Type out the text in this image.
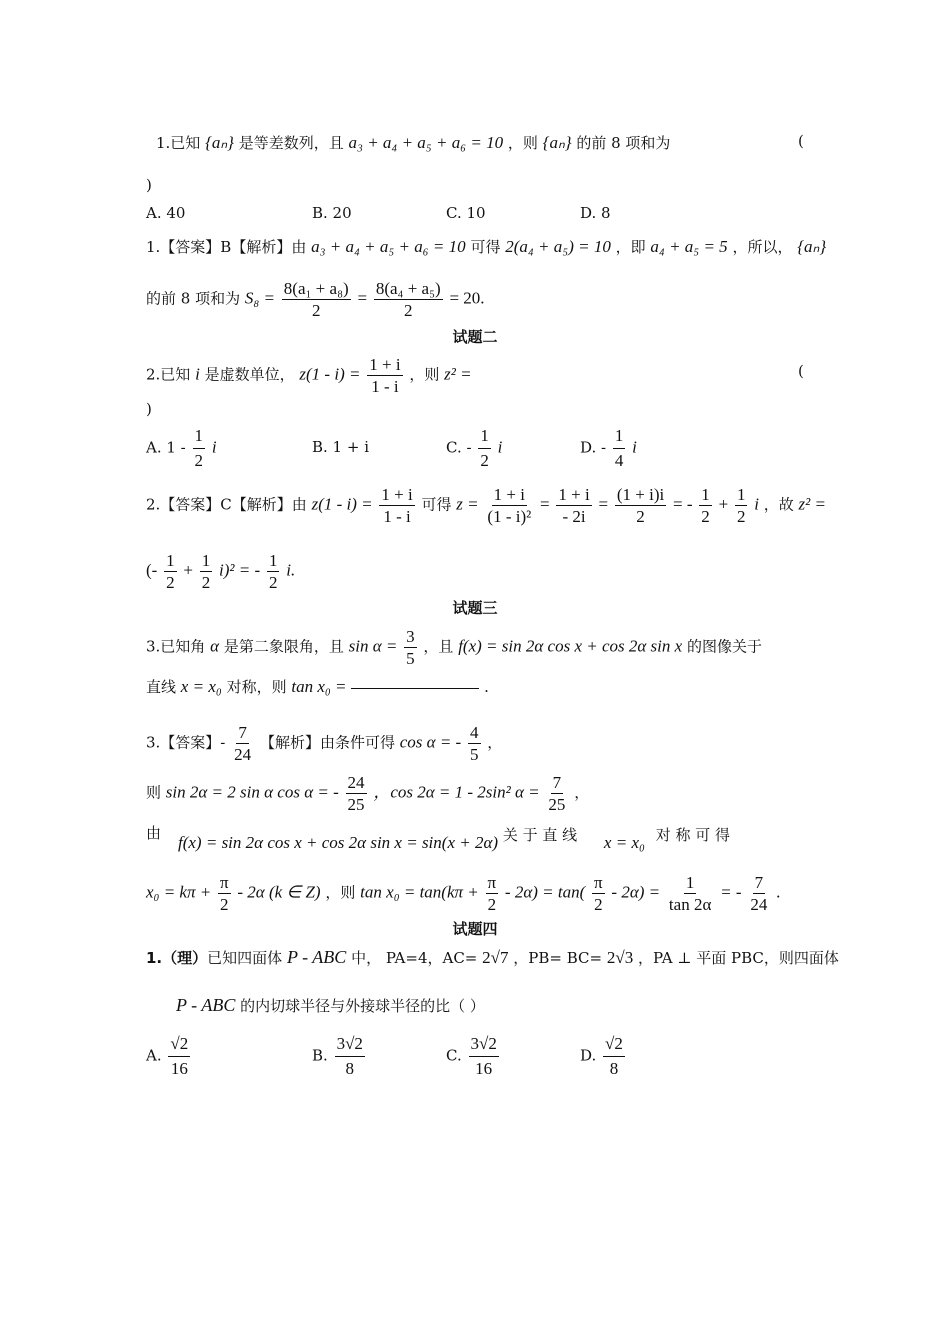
1.已知 {aₙ} 是等差数列，且 a₃ + a₄ + a₅ + a₆ = 10 ，则 {aₙ} 的前 8 项和为	(
)
A. 40	B. 20	C. 10	D. 8
1.【答案】B【解析】由 a₃ + a₄ + a₅ + a₆ = 10 可得 2(a₄ + a₅) = 10 ，即 a₄ + a₅ = 5 ，所以， {aₙ}
的前 8 项和为 $S_8 = \frac{\text{8(a₁ + a₈)}}{2} = \frac{\text{8(a₄ + a₅)}}{2} = 20$.
试题二
2.已知 i 是虚数单位， $z(1 - i) = \frac{1 + i}{1 - i}$ ，则 z² =	(
)
A. $1 - \frac{1}{2}$ i	B. 1 + i	C. - $\frac{1}{2}$ i	D. - $\frac{1}{4}$ i
2.【答案】C【解析】由 $z(1 - i) = \frac{1 + i}{1 - i}$ 可得 $z = \frac{1 + i}{\text{(1 - i)²}} = \frac{1 + i}{- 2i} = \frac{(1 + i)i}{2}$ = - $\frac{1}{2} + \frac{1}{2}$ i ，故 z² =
(- $\frac{1}{2} + \frac{1}{2} i)^2$ = - $\frac{1}{2} i$.
试题三
3.已知角 α 是第二象限角，且 $\sin \alpha = \frac{3}{5}$ ，且 f(x) = sin 2α cos x + cos 2α sin x 的图像关于
直线 x = x₀ 对称，则 tan x₀ =	.
3.【答案】- $\frac{7}{24}$ 【解析】由条件可得 cos α = - $\frac{4}{5}$ ，
则 sin 2α = 2 sin α cos α = - $\frac{24}{25}$ ，cos 2α = 1 - 2sin² $\alpha = \frac{7}{25}$ ，
由 f(x) = sin 2α cos x + cos 2α sin x = sin(x + 2α) 关 于 直 线 x = x₀ 对 称 可 得
$x_0 = k\pi + \frac{\pi}{2} - 2\alpha$ (k ∈ Z) ，则 $\tan x_0 = \tan(k\pi + \frac{\pi}{2} - 2\alpha) = \tan( \frac{\pi}{2} - 2\alpha) = \frac{1}{\tan 2\alpha}$ = - $\frac{7}{24}$ .
试题四
1.（理）已知四面体 P - ABC 中， PA=4，AC= 2√7 ，PB= BC= 2√3 ，PA ⊥ 平面 PBC，则四面体
P - ABC 的内切球半径与外接球半径的比（ ）
A. $\frac{√2}{16}$	B. $\frac{3√2}{8}$	C. $\frac{3√2}{16}$	D. $\frac{√2}{8}$
